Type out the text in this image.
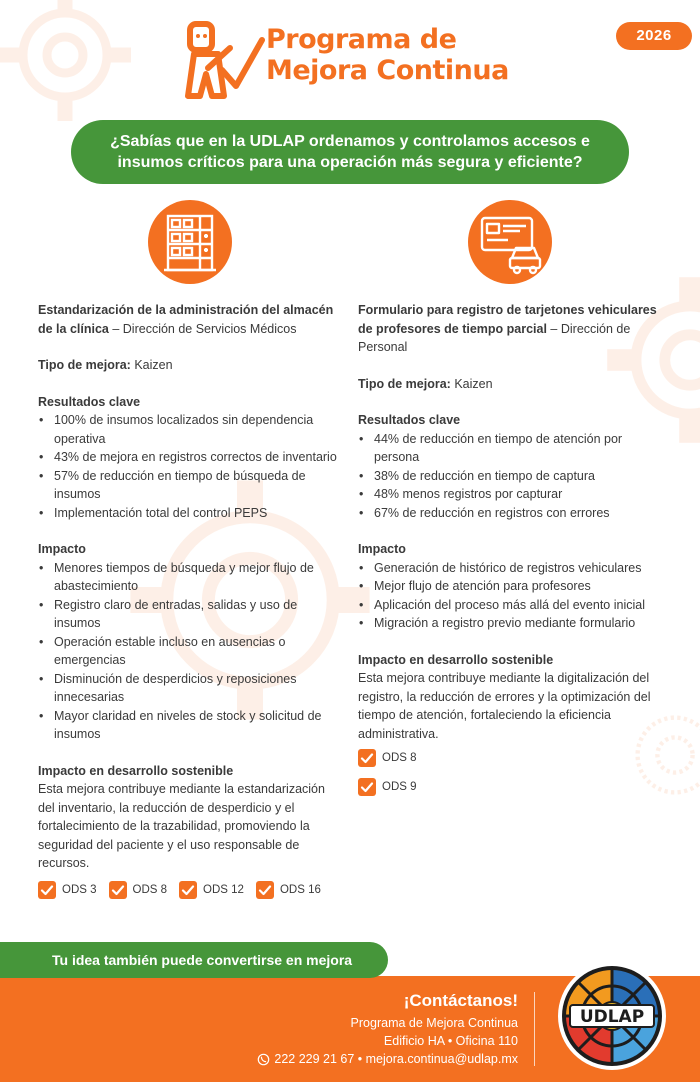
Programa de
Mejora Continua
2026
¿Sabías que en la UDLAP ordenamos y controlamos accesos e insumos críticos para una operación más segura y eficiente?
Estandarización de la administración del almacén de la clínica – Dirección de Servicios Médicos
Tipo de mejora: Kaizen
Resultados clave
• 100% de insumos localizados sin dependencia operativa
• 43% de mejora en registros correctos de inventario
• 57% de reducción en tiempo de búsqueda de insumos
• Implementación total del control PEPS
Impacto
• Menores tiempos de búsqueda y mejor flujo de abastecimiento
• Registro claro de entradas, salidas y uso de insumos
• Operación estable incluso en ausencias o emergencias
• Disminución de desperdicios y reposiciones innecesarias
• Mayor claridad en niveles de stock y solicitud de insumos
Impacto en desarrollo sostenible
Esta mejora contribuye mediante la estandarización del inventario, la reducción de desperdicio y el fortalecimiento de la trazabilidad, promoviendo la seguridad del paciente y el uso responsable de recursos.
ODS 3	ODS 8	ODS 12	ODS 16
Formulario para registro de tarjetones vehiculares de profesores de tiempo parcial – Dirección de Personal
Tipo de mejora: Kaizen
Resultados clave
• 44% de reducción en tiempo de atención por persona
• 38% de reducción en tiempo de captura
• 48% menos registros por capturar
• 67% de reducción en registros con errores
Impacto
• Generación de histórico de registros vehiculares
• Mejor flujo de atención para profesores
• Aplicación del proceso más allá del evento inicial
• Migración a registro previo mediante formulario
Impacto en desarrollo sostenible
Esta mejora contribuye mediante la digitalización del registro, la reducción de errores y la optimización del tiempo de atención, fortaleciendo la eficiencia administrativa.
ODS 8
ODS 9
Tu idea también puede convertirse en mejora
¡Contáctanos!
Programa de Mejora Continua
Edificio HA • Oficina 110
222 229 21 67 • mejora.continua@udlap.mx
UDLAP
